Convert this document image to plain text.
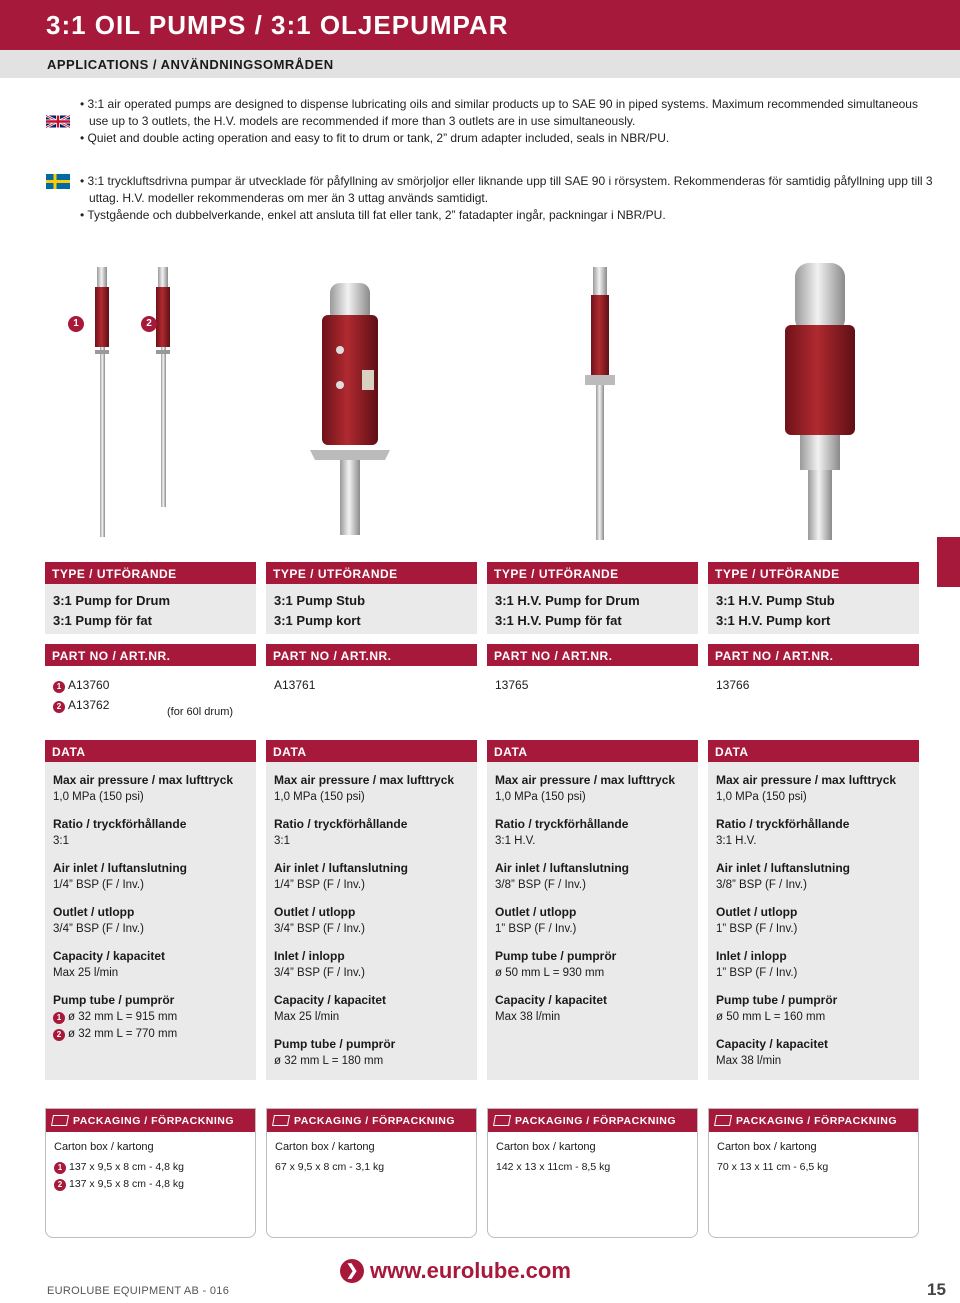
3:1 OIL PUMPS / 3:1 OLJEPUMPAR
APPLICATIONS / ANVÄNDNINGSOMRÅDEN

• 3:1 air operated pumps are designed to dispense lubricating oils and similar products up to SAE 90 in piped systems. Maximum recommended simultaneous use up to 3 outlets, the H.V. models are recommended if more than 3 outlets are in use simultaneously.

• Quiet and double acting operation and easy to fit to drum or tank, 2” drum adapter included, seals in NBR/PU.

• 3:1 tryckluftsdrivna pumpar är utvecklade för påfyllning av smörjoljor eller liknande upp till SAE 90 i rörsystem. Rekommenderas för samtidig påfyllning upp till 3 uttag. H.V. modeller rekommenderas om mer än 3 uttag används samtidigt.

• Tystgående och dubbelverkande, enkel att ansluta till fat eller tank, 2” fatadapter ingår, packningar i NBR/PU.

1	2
TYPE / UTFÖRANDE
3:1 Pump for Drum
3:1 Pump för fat
PART NO / ART.NR.
1 A13760
2 A13762	(for 60l drum)
DATA
Max air pressure / max lufttryck
1,0 MPa (150 psi)
Ratio / tryckförhållande
3:1
Air inlet / luftanslutning
1/4” BSP (F / Inv.)
Outlet / utlopp
3/4” BSP (F / Inv.)
Capacity / kapacitet
Max 25 l/min
Pump tube / pumprör
1 ø 32 mm L = 915 mm
2 ø 32 mm L = 770 mm
TYPE / UTFÖRANDE
3:1 Pump Stub
3:1 Pump kort
PART NO / ART.NR.
A13761
DATA
Max air pressure / max lufttryck
1,0 MPa (150 psi)
Ratio / tryckförhållande
3:1
Air inlet / luftanslutning
1/4” BSP (F / Inv.)
Outlet / utlopp
3/4” BSP (F / Inv.)
Inlet / inlopp
3/4” BSP (F / Inv.)
Capacity / kapacitet
Max 25 l/min
Pump tube / pumprör
ø 32 mm L = 180 mm
TYPE / UTFÖRANDE
3:1 H.V. Pump for Drum
3:1 H.V. Pump för fat
PART NO / ART.NR.
13765
DATA
Max air pressure / max lufttryck
1,0 MPa (150 psi)
Ratio / tryckförhållande
3:1 H.V.
Air inlet / luftanslutning
3/8” BSP (F / Inv.)
Outlet / utlopp
1” BSP (F / Inv.)
Pump tube / pumprör
ø 50 mm L = 930 mm
Capacity / kapacitet
Max 38 l/min
TYPE / UTFÖRANDE
3:1 H.V. Pump Stub
3:1 H.V. Pump kort
PART NO / ART.NR.
13766
DATA
Max air pressure / max lufttryck
1,0 MPa (150 psi)
Ratio / tryckförhållande
3:1 H.V.
Air inlet / luftanslutning
3/8” BSP (F / Inv.)
Outlet / utlopp
1” BSP (F / Inv.)
Inlet / inlopp
1” BSP (F / Inv.)
Pump tube / pumprör
ø 50 mm L = 160 mm
Capacity / kapacitet
Max 38 l/min
PACKAGING / FÖRPACKNING
Carton box / kartong
1 137 x 9,5 x 8 cm - 4,8 kg
2 137 x 9,5 x 8 cm - 4,8 kg
PACKAGING / FÖRPACKNING
Carton box / kartong
67 x 9,5 x 8 cm - 3,1 kg
PACKAGING / FÖRPACKNING
Carton box / kartong
142 x 13 x 11cm - 8,5 kg
PACKAGING / FÖRPACKNING
Carton box / kartong
70 x 13 x 11 cm - 6,5 kg
❯ www.eurolube.com
EUROLUBE EQUIPMENT AB - 016	15
